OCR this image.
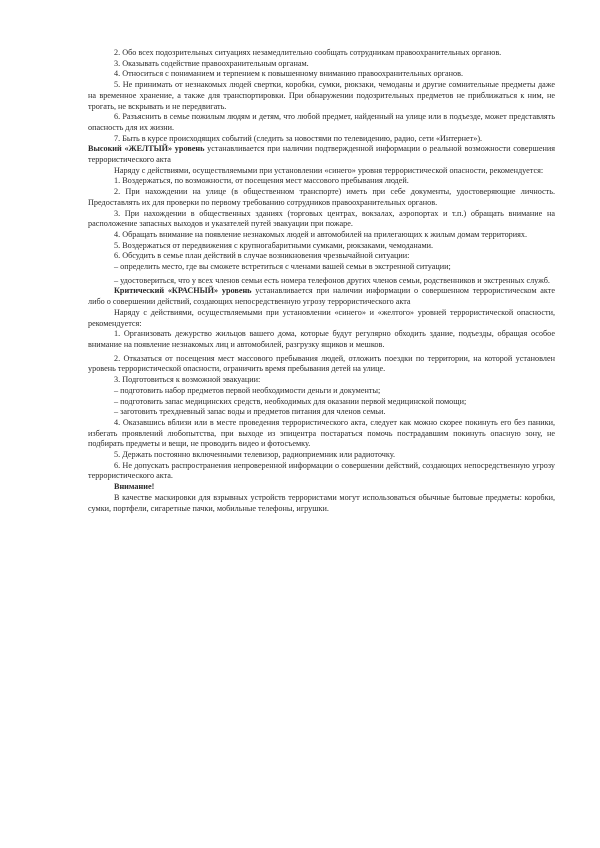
2. Обо всех подозрительных ситуациях незамедлительно сообщать сотрудникам правоохранительных органов.

3. Оказывать содействие правоохранительным органам.

4. Относиться с пониманием и терпением к повышенному вниманию правоохранительных органов.

5. Не принимать от незнакомых людей свертки, коробки, сумки, рюкзаки, чемоданы и другие сомнительные предметы даже на временное хранение, а также для транспортировки. При обнаружении подозрительных предметов не приближаться к ним, не трогать, не вскрывать и не передвигать.

6. Разъяснить в семье пожилым людям и детям, что любой предмет, найденный на улице или в подъезде, может представлять опасность для их жизни.

7. Быть в курсе происходящих событий (следить за новостями по телевидению, радио, сети «Интернет»).

Высокий «ЖЕЛТЫЙ» уровень устанавливается при наличии подтвержденной информации о реальной возможности совершения террористического акта

Наряду с действиями, осуществляемыми при установлении «синего» уровня террористической опасности, рекомендуется:

1. Воздержаться, по возможности, от посещения мест массового пребывания людей.

2. При нахождении на улице (в общественном транспорте) иметь при себе документы, удостоверяющие личность. Предоставлять их для проверки по первому требованию сотрудников правоохранительных органов.

3. При нахождении в общественных зданиях (торговых центрах, вокзалах, аэропортах и т.п.) обращать внимание на расположение запасных выходов и указателей путей эвакуации при пожаре.

4. Обращать внимание на появление незнакомых людей и автомобилей на прилегающих к жилым домам территориях.

5. Воздержаться от передвижения с крупногабаритными сумками, рюкзаками, чемоданами.

6. Обсудить в семье план действий в случае возникновения чрезвычайной ситуации:

– определить место, где вы сможете встретиться с членами вашей семьи в экстренной ситуации;

– удостовериться, что у всех членов семьи есть номера телефонов других членов семьи, родственников и экстренных служб.

Критический «КРАСНЫЙ» уровень устанавливается при наличии информации о совершенном террористическом акте либо о совершении действий, создающих непосредственную угрозу террористического акта

Наряду с действиями, осуществляемыми при установлении «синего» и «желтого» уровней террористической опасности, рекомендуется:

1. Организовать дежурство жильцов вашего дома, которые будут регулярно обходить здание, подъезды, обращая особое внимание на появление незнакомых лиц и автомобилей, разгрузку ящиков и мешков.

2. Отказаться от посещения мест массового пребывания людей, отложить поездки по территории, на которой установлен уровень террористической опасности, ограничить время пребывания детей на улице.

3. Подготовиться к возможной эвакуации:

– подготовить набор предметов первой необходимости деньги и документы;

– подготовить запас медицинских средств, необходимых для оказании первой медицинской помощи;

– заготовить трехдневный запас воды и предметов питания для членов семьи.

4. Оказавшись вблизи или в месте проведения террористического акта, следует как можно скорее покинуть его без паники, избегать проявлений любопытства, при выходе из эпицентра постараться помочь пострадавшим покинуть опасную зону, не подбирать предметы и вещи, не проводить видео и фотосъемку.

5. Держать постоянно включенными телевизор, радиоприемник или радиоточку.

6. Не допускать распространения непроверенной информации о совершении действий, создающих непосредственную угрозу террористического акта.

Внимание!

В качестве маскировки для взрывных устройств террористами могут использоваться обычные бытовые предметы: коробки, сумки, портфели, сигаретные пачки, мобильные телефоны, игрушки.
